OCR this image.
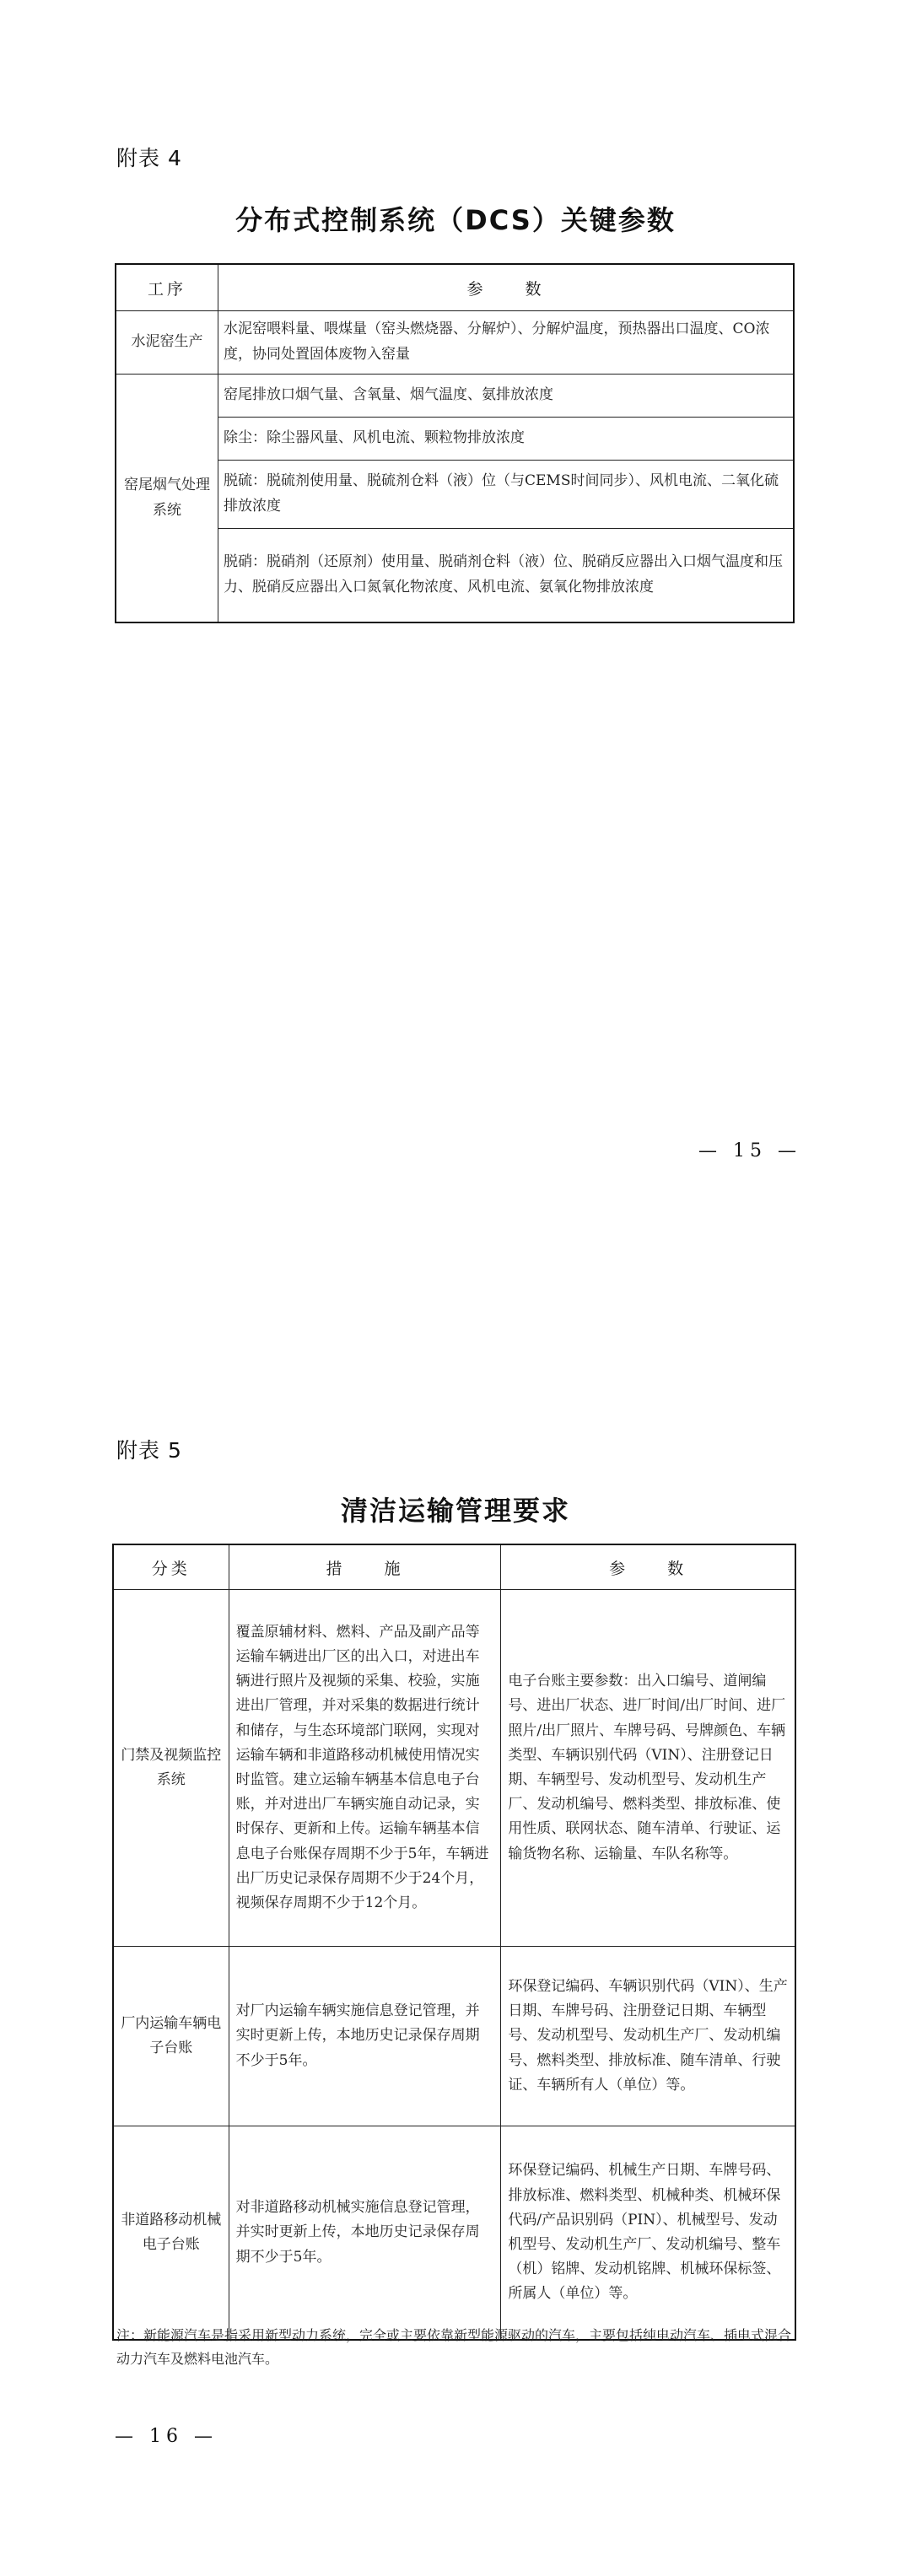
附表 4
分布式控制系统（DCS）关键参数
工序	参　　数
水泥窑生产	水泥窑喂料量、喂煤量（窑头燃烧器、分解炉）、分解炉温度，预热器出口温度、CO浓度，协同处置固体废物入窑量
窑尾烟气处理系统	窑尾排放口烟气量、含氧量、烟气温度、氨排放浓度
	除尘：除尘器风量、风机电流、颗粒物排放浓度
	脱硫：脱硫剂使用量、脱硫剂仓料（液）位（与CEMS时间同步）、风机电流、二氧化硫排放浓度
	脱硝：脱硝剂（还原剂）使用量、脱硝剂仓料（液）位、脱硝反应器出入口烟气温度和压力、脱硝反应器出入口氮氧化物浓度、风机电流、氨氧化物排放浓度
— 15 —
附表 5
清洁运输管理要求
分类	措　　施	参　　数
门禁及视频监控系统	覆盖原辅材料、燃料、产品及副产品等运输车辆进出厂区的出入口，对进出车辆进行照片及视频的采集、校验，实施进出厂管理，并对采集的数据进行统计和储存，与生态环境部门联网，实现对运输车辆和非道路移动机械使用情况实时监管。建立运输车辆基本信息电子台账，并对进出厂车辆实施自动记录，实时保存、更新和上传。运输车辆基本信息电子台账保存周期不少于5年，车辆进出厂历史记录保存周期不少于24个月，视频保存周期不少于12个月。	电子台账主要参数：出入口编号、道闸编号、进出厂状态、进厂时间/出厂时间、进厂照片/出厂照片、车牌号码、号牌颜色、车辆类型、车辆识别代码（VIN）、注册登记日期、车辆型号、发动机型号、发动机生产厂、发动机编号、燃料类型、排放标准、使用性质、联网状态、随车清单、行驶证、运输货物名称、运输量、车队名称等。
厂内运输车辆电子台账	对厂内运输车辆实施信息登记管理，并实时更新上传，本地历史记录保存周期不少于5年。	环保登记编码、车辆识别代码（VIN）、生产日期、车牌号码、注册登记日期、车辆型号、发动机型号、发动机生产厂、发动机编号、燃料类型、排放标准、随车清单、行驶证、车辆所有人（单位）等。
非道路移动机械电子台账	对非道路移动机械实施信息登记管理，并实时更新上传，本地历史记录保存周期不少于5年。	环保登记编码、机械生产日期、车牌号码、排放标准、燃料类型、机械种类、机械环保代码/产品识别码（PIN）、机械型号、发动机型号、发动机生产厂、发动机编号、整车（机）铭牌、发动机铭牌、机械环保标签、所属人（单位）等。
注：新能源汽车是指采用新型动力系统，完全或主要依靠新型能源驱动的汽车，主要包括纯电动汽车、插电式混合动力汽车及燃料电池汽车。
— 16 —
